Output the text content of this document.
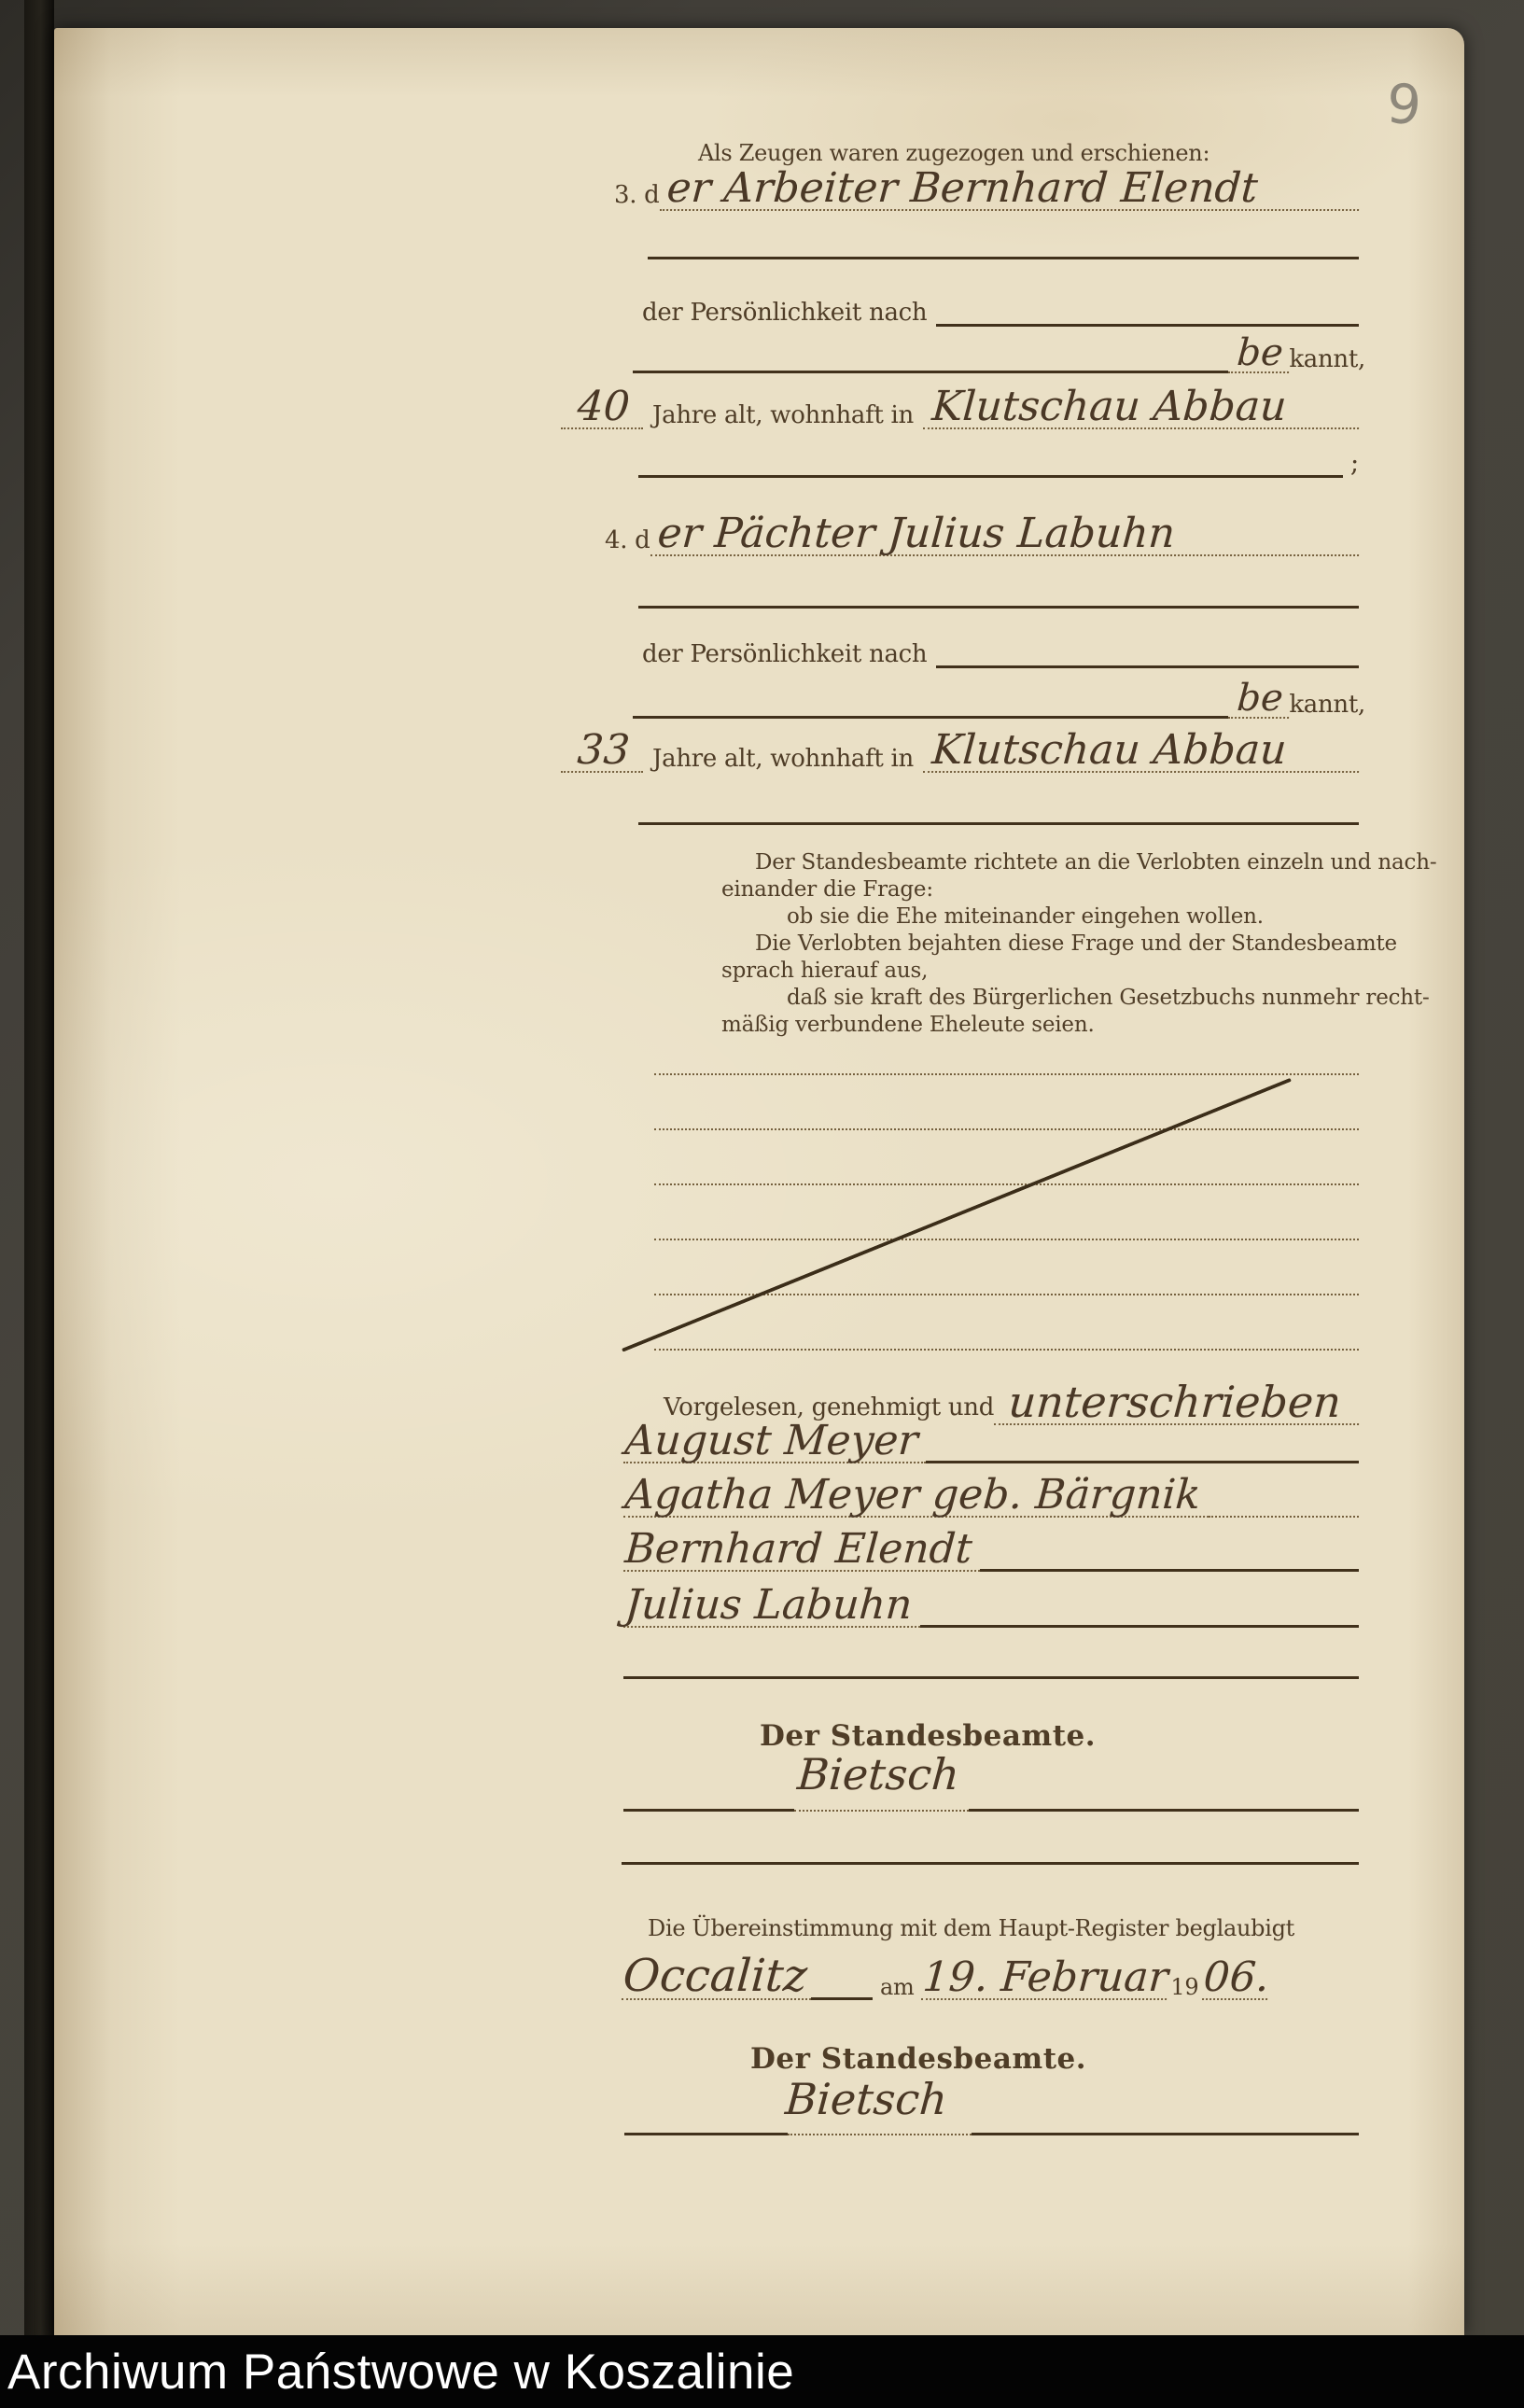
9
Als Zeugen waren zugezogen und erschienen:
3. d er Arbeiter Bernhard Elendt
der Persönlichkeit nach
be kannt,
40 Jahre alt, wohnhaft in Klutschau Abbau
;
4. d er Pächter Julius Labuhn
der Persönlichkeit nach
be kannt,
33 Jahre alt, wohnhaft in Klutschau Abbau
Der Standesbeamte richtete an die Verlobten einzeln und nach-
einander die Frage:
ob sie die Ehe miteinander eingehen wollen.
Die Verlobten bejahten diese Frage und der Standesbeamte
sprach hierauf aus,
daß sie kraft des Bürgerlichen Gesetzbuchs nunmehr recht-
mäßig verbundene Eheleute seien.
Vorgelesen, genehmigt und unterschrieben
August Meyer
Agatha Meyer geb. Bärgnik
Bernhard Elendt
Julius Labuhn
Der Standesbeamte.
Bietsch
Die Übereinstimmung mit dem Haupt-Register beglaubigt
Occalitz	am 19. Februar 19 06.
Der Standesbeamte.
Bietsch
Archiwum Państwowe w Koszalinie
